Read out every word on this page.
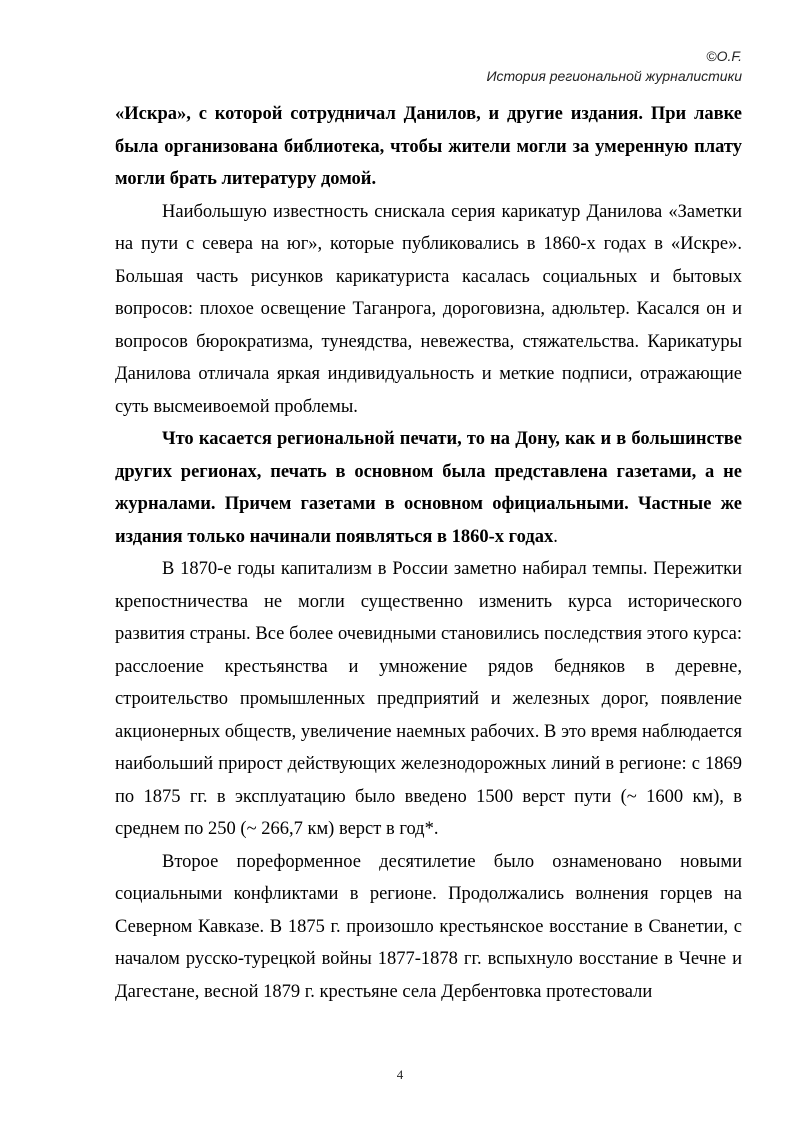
©O.F.
История региональной журналистики

«Искра», с которой сотрудничал Данилов, и другие издания. При лавке была организована библиотека, чтобы жители могли за умеренную плату могли брать литературу домой.

Наибольшую известность снискала серия карикатур Данилова «Заметки на пути с севера на юг», которые публиковались в 1860-х годах в «Искре». Большая часть рисунков карикатуриста касалась социальных и бытовых вопросов: плохое освещение Таганрога, дороговизна, адюльтер. Касался он и вопросов бюрократизма, тунеядства, невежества, стяжательства. Карикатуры Данилова отличала яркая индивидуальность и меткие подписи, отражающие суть высмеивоемой проблемы.

Что касается региональной печати, то на Дону, как и в большинстве других регионах, печать в основном была представлена газетами, а не журналами. Причем газетами в основном официальными. Частные же издания только начинали появляться в 1860-х годах.

В 1870-е годы капитализм в России заметно набирал темпы. Пережитки крепостничества не могли существенно изменить курса исторического развития страны. Все более очевидными становились последствия этого курса: расслоение крестьянства и умножение рядов бедняков в деревне, строительство промышленных предприятий и железных дорог, появление акционерных обществ, увеличение наемных рабочих. В это время наблюдается наибольший прирост действующих железнодорожных линий в регионе: с 1869 по 1875 гг. в эксплуатацию было введено 1500 верст пути (~ 1600 км), в среднем по 250 (~ 266,7 км) верст в год*.

Второе пореформенное десятилетие было ознаменовано новыми социальными конфликтами в регионе. Продолжались волнения горцев на Северном Кавказе. В 1875 г. произошло крестьянское восстание в Сванетии, с началом русско-турецкой войны 1877-1878 гг. вспыхнуло восстание в Чечне и Дагестане, весной 1879 г. крестьяне села Дербентовка протестовали

4
